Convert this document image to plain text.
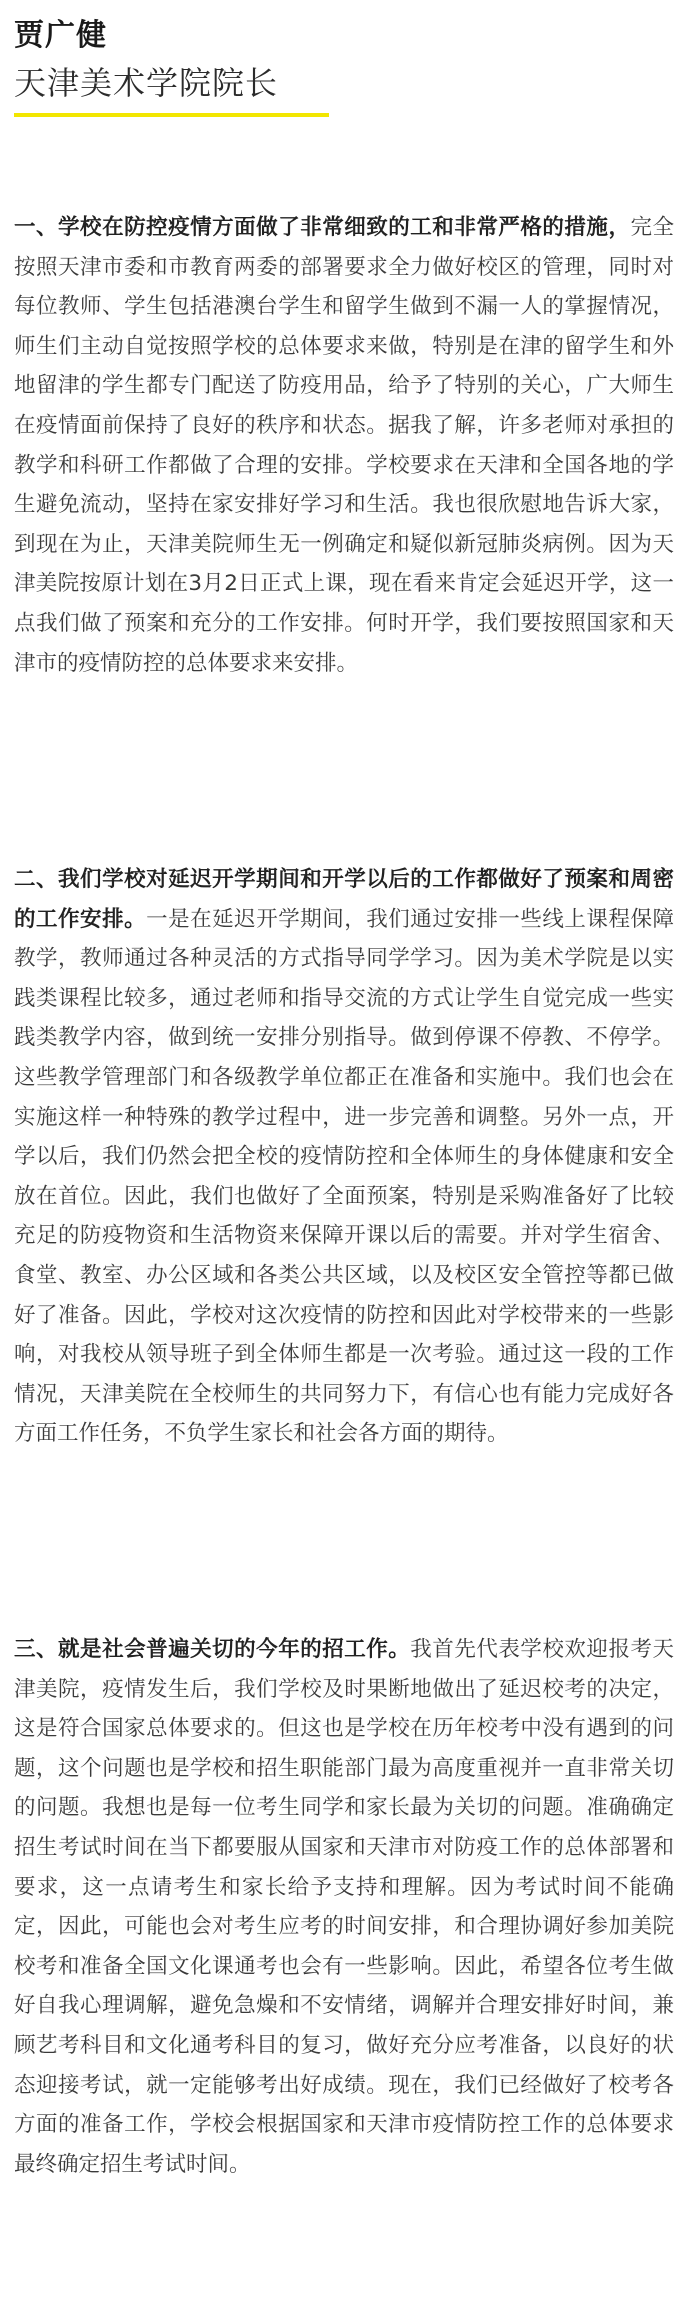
贾广健
天津美术学院院长
一、学校在防控疫情方面做了非常细致的工和非常严格的措施，完全按照天津市委和市教育两委的部署要求全力做好校区的管理，同时对每位教师、学生包括港澳台学生和留学生做到不漏一人的掌握情况，师生们主动自觉按照学校的总体要求来做，特别是在津的留学生和外地留津的学生都专门配送了防疫用品，给予了特别的关心，广大师生在疫情面前保持了良好的秩序和状态。据我了解，许多老师对承担的教学和科研工作都做了合理的安排。学校要求在天津和全国各地的学生避免流动，坚持在家安排好学习和生活。我也很欣慰地告诉大家，到现在为止，天津美院师生无一例确定和疑似新冠肺炎病例。因为天津美院按原计划在3月2日正式上课，现在看来肯定会延迟开学，这一点我们做了预案和充分的工作安排。何时开学，我们要按照国家和天津市的疫情防控的总体要求来安排。
二、我们学校对延迟开学期间和开学以后的工作都做好了预案和周密的工作安排。一是在延迟开学期间，我们通过安排一些线上课程保障教学，教师通过各种灵活的方式指导同学学习。因为美术学院是以实践类课程比较多，通过老师和指导交流的方式让学生自觉完成一些实践类教学内容，做到统一安排分别指导。做到停课不停教、不停学。这些教学管理部门和各级教学单位都正在准备和实施中。我们也会在实施这样一种特殊的教学过程中，进一步完善和调整。另外一点，开学以后，我们仍然会把全校的疫情防控和全体师生的身体健康和安全放在首位。因此，我们也做好了全面预案，特别是采购准备好了比较充足的防疫物资和生活物资来保障开课以后的需要。并对学生宿舍、食堂、教室、办公区域和各类公共区域，以及校区安全管控等都已做好了准备。因此，学校对这次疫情的防控和因此对学校带来的一些影响，对我校从领导班子到全体师生都是一次考验。通过这一段的工作情况，天津美院在全校师生的共同努力下，有信心也有能力完成好各方面工作任务，不负学生家长和社会各方面的期待。
三、就是社会普遍关切的今年的招工作。我首先代表学校欢迎报考天津美院，疫情发生后，我们学校及时果断地做出了延迟校考的决定，这是符合国家总体要求的。但这也是学校在历年校考中没有遇到的问题，这个问题也是学校和招生职能部门最为高度重视并一直非常关切的问题。我想也是每一位考生同学和家长最为关切的问题。准确确定招生考试时间在当下都要服从国家和天津市对防疫工作的总体部署和要求，这一点请考生和家长给予支持和理解。因为考试时间不能确定，因此，可能也会对考生应考的时间安排，和合理协调好参加美院校考和准备全国文化课通考也会有一些影响。因此，希望各位考生做好自我心理调解，避免急燥和不安情绪，调解并合理安排好时间，兼顾艺考科目和文化通考科目的复习，做好充分应考准备，以良好的状态迎接考试，就一定能够考出好成绩。现在，我们已经做好了校考各方面的准备工作，学校会根据国家和天津市疫情防控工作的总体要求最终确定招生考试时间。
